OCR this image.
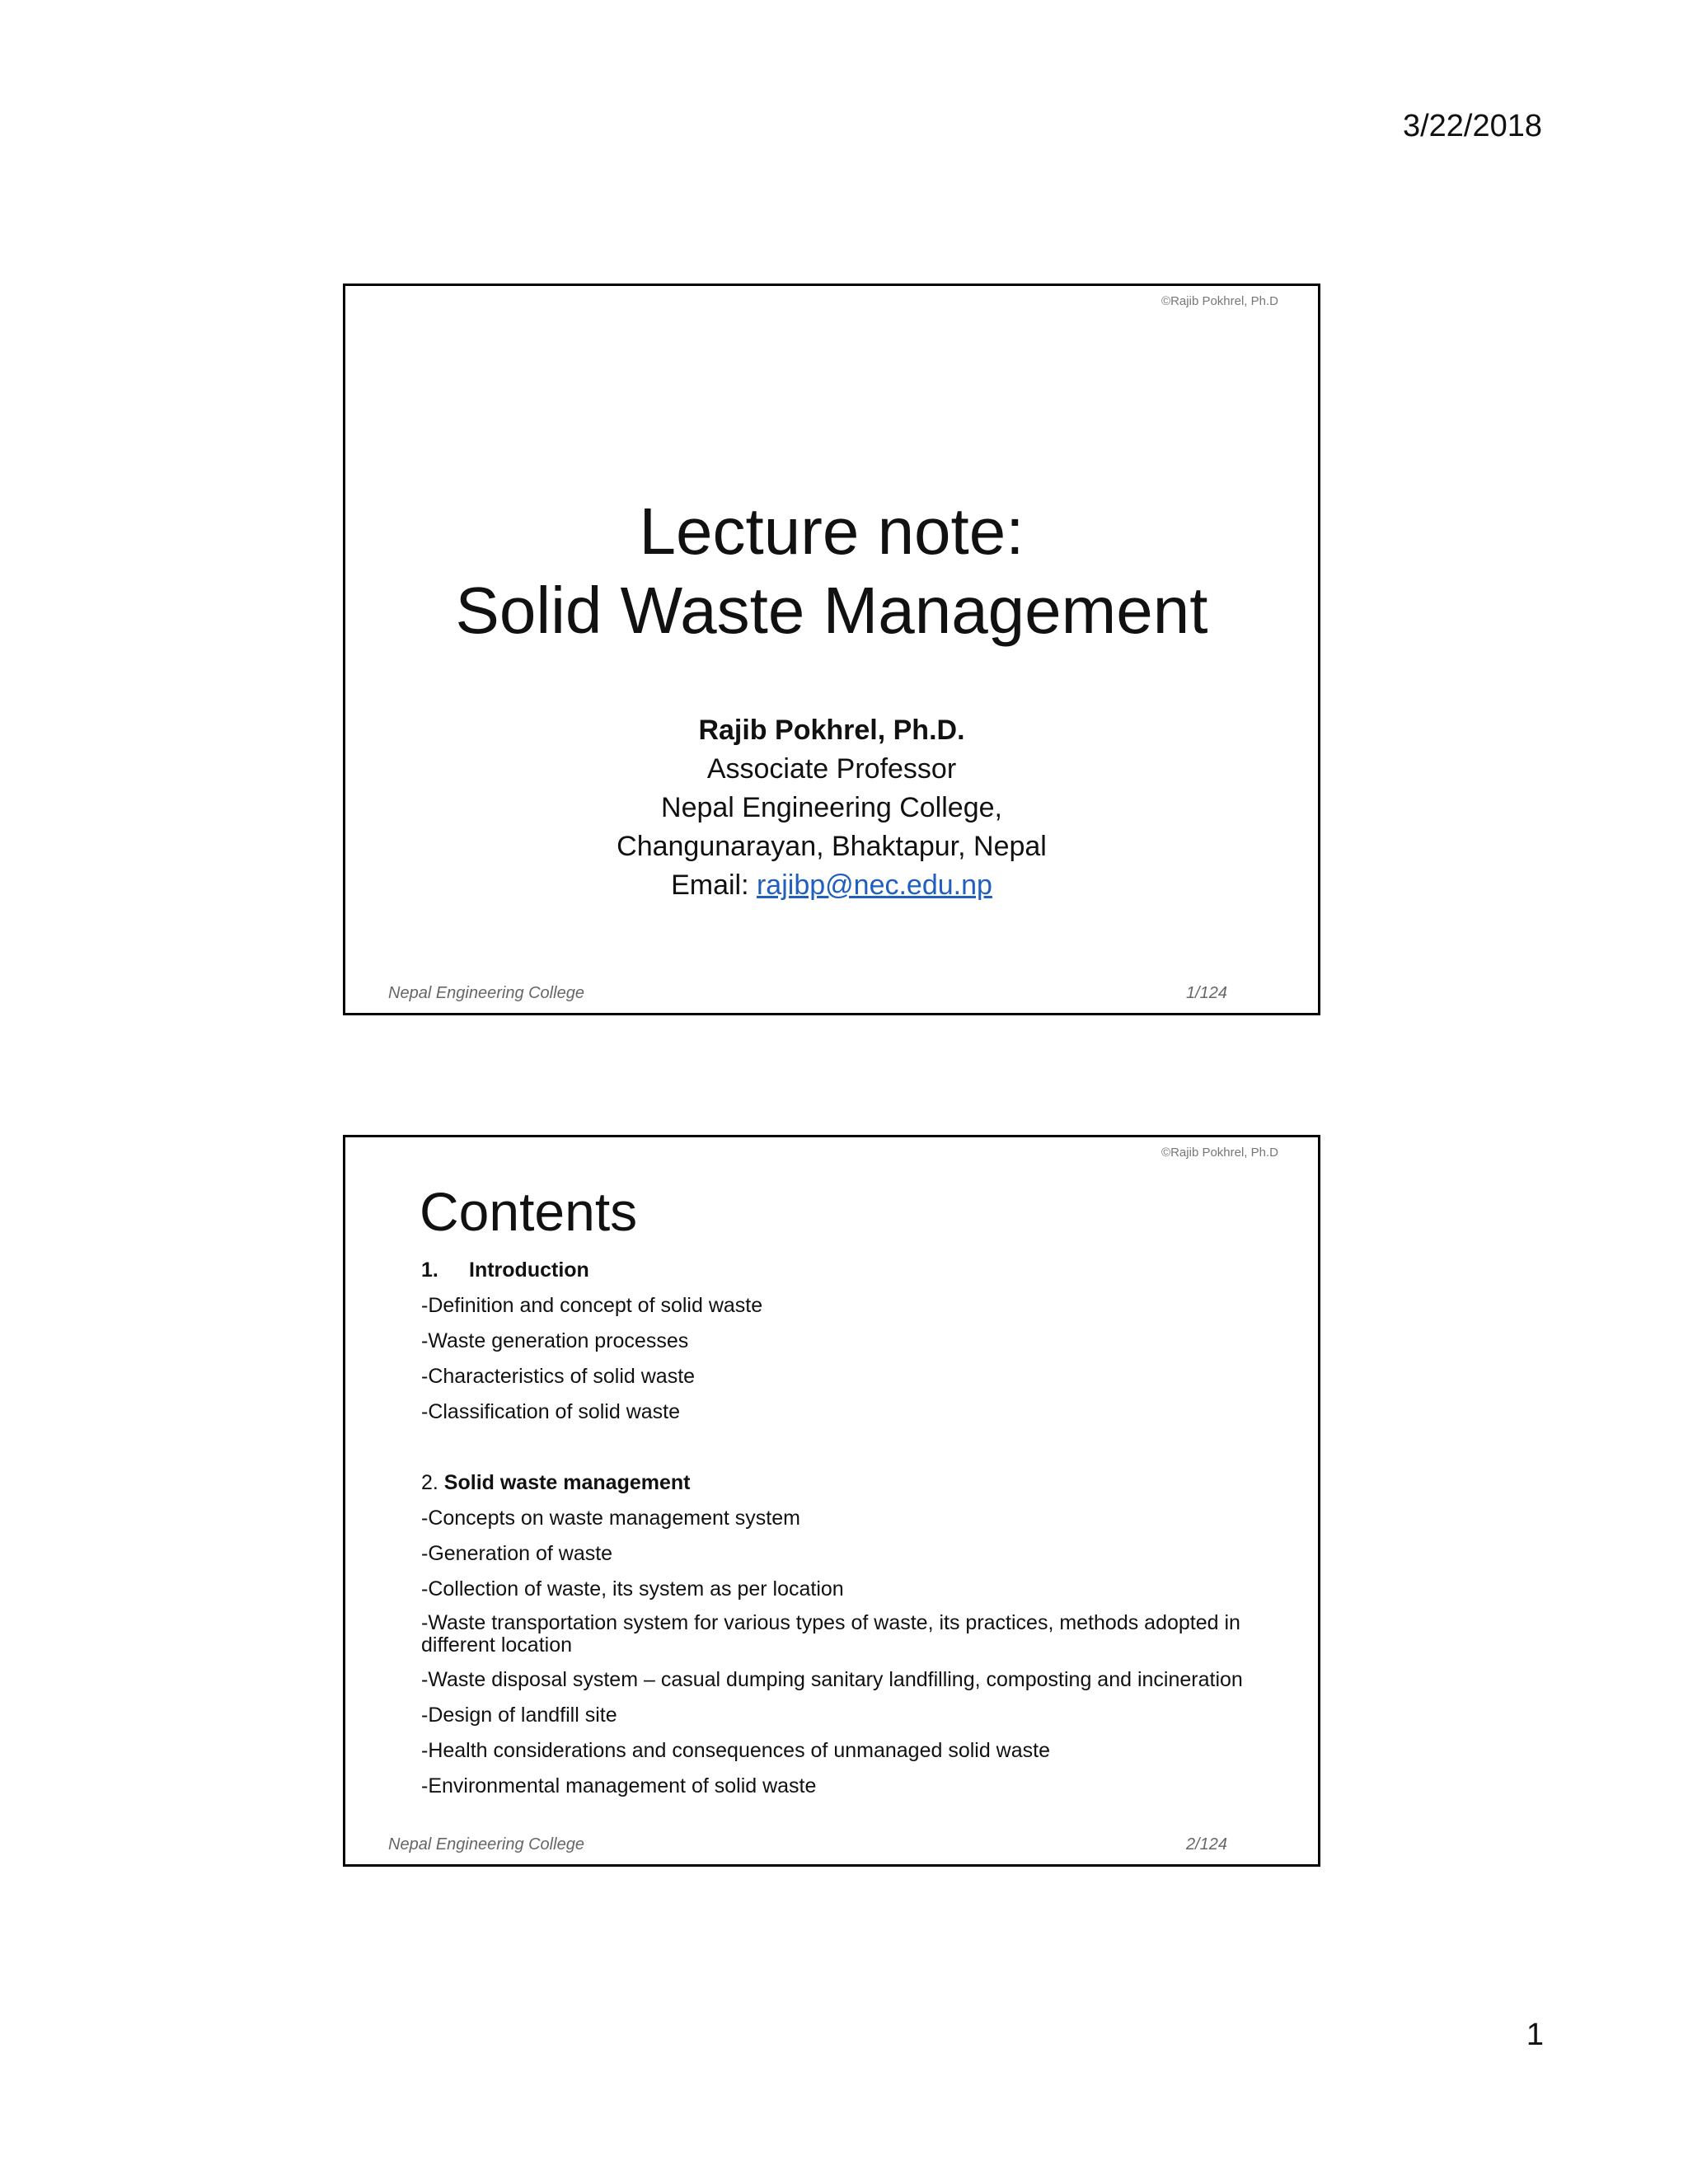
3/22/2018
©Rajib Pokhrel, Ph.D
Lecture note:
Solid Waste Management
Rajib Pokhrel, Ph.D.
Associate Professor
Nepal Engineering College,
Changunarayan, Bhaktapur, Nepal
Email: rajibp@nec.edu.np
Nepal Engineering College	1/124
©Rajib Pokhrel, Ph.D
Contents
1. Introduction
-Definition and concept of solid waste
-Waste generation processes
-Characteristics of solid waste
-Classification of solid waste
2. Solid waste management
-Concepts on waste management system
-Generation of waste
-Collection of waste, its system as per location
-Waste transportation system for various types of waste, its practices, methods adopted in different location
-Waste disposal system – casual dumping sanitary landfilling, composting and incineration
-Design of landfill site
-Health considerations and consequences of unmanaged solid waste
-Environmental management of solid waste
Nepal Engineering College	2/124
1
